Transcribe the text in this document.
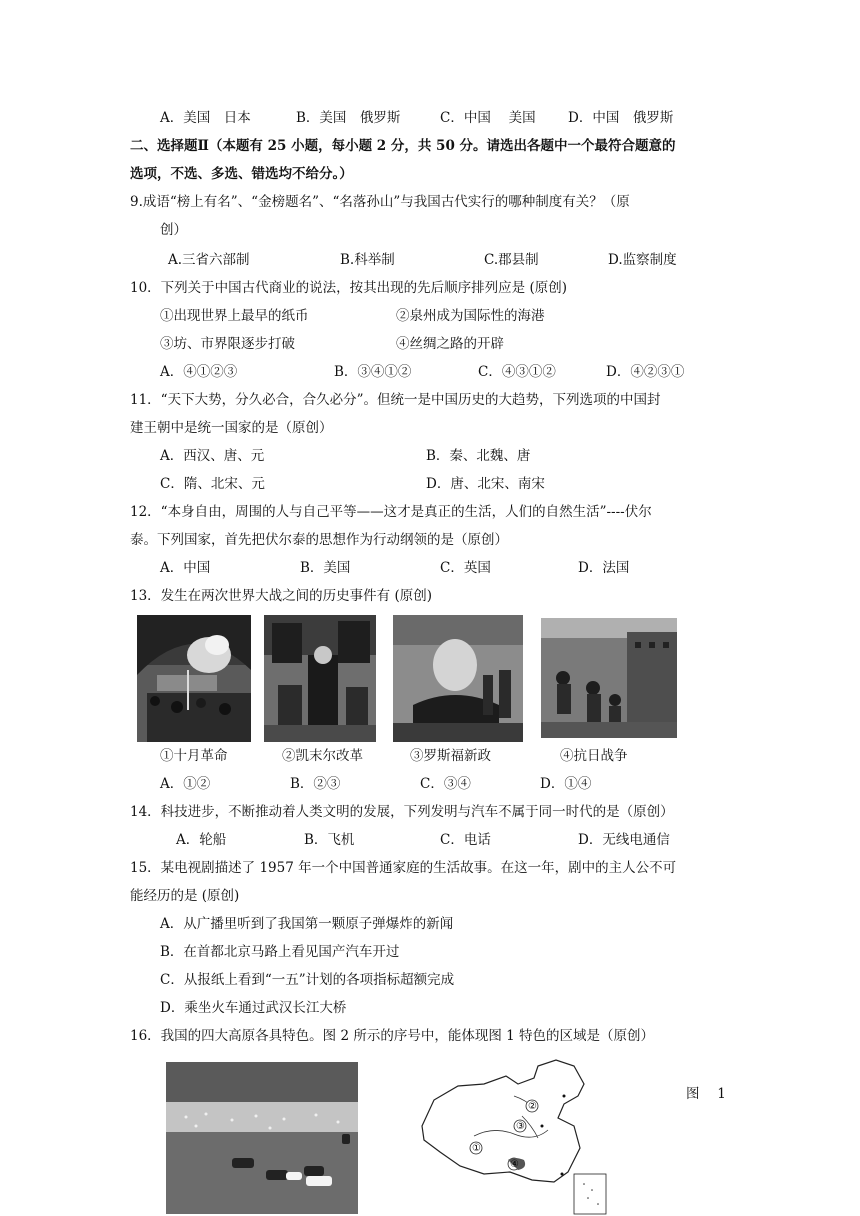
A．美国　日本	B．美国　俄罗斯	C．中国　 美国 D．中国　俄罗斯
二、选择题Ⅱ（本题有 25 小题，每小题 2 分，共 50 分。请选出各题中一个最符合题意的
选项，不选、多选、错选均不给分。）
9.成语“榜上有名”、“金榜题名”、“名落孙山”与我国古代实行的哪种制度有关？（原
创）
A.三省六部制	B.科举制	C.郡县制	D.监察制度
10．下列关于中国古代商业的说法，按其出现的先后顺序排列应是 (原创)
①出现世界上最早的纸币	②泉州成为国际性的海港
③坊、市界限逐步打破	④丝绸之路的开辟
A．④①②③	B．③④①②	C．④③①②	D．④②③①
11．“天下大势，分久必合，合久必分”。但统一是中国历史的大趋势，下列选项的中国封
建王朝中是统一国家的是（原创）
A．西汉、唐、元	B．秦、北魏、唐
C．隋、北宋、元	D．唐、北宋、南宋
12．“本身自由，周围的人与自己平等——这才是真正的生活，人们的自然生活”----伏尔
泰。下列国家，首先把伏尔泰的思想作为行动纲领的是（原创）
A．中国	B．美国	C．英国	D．法国
13．发生在两次世界大战之间的历史事件有 (原创)
①十月革命	②凯末尔改革	③罗斯福新政	④抗日战争
A．①②	B．②③	C．③④	D．①④
14．科技进步，不断推动着人类文明的发展，下列发明与汽车不属于同一时代的是（原创）
A．轮船	B．飞机	C．电话	D．无线电通信
15．某电视剧描述了 1957 年一个中国普通家庭的生活故事。在这一年，剧中的主人公不可
能经历的是 (原创)
A．从广播里听到了我国第一颗原子弹爆炸的新闻
B．在首都北京马路上看见国产汽车开过
C．从报纸上看到“一五”计划的各项指标超额完成
D．乘坐火车通过武汉长江大桥
16．我国的四大高原各具特色。图 2 所示的序号中，能体现图 1 特色的区域是（原创）
②
①
③
④
图　 1
